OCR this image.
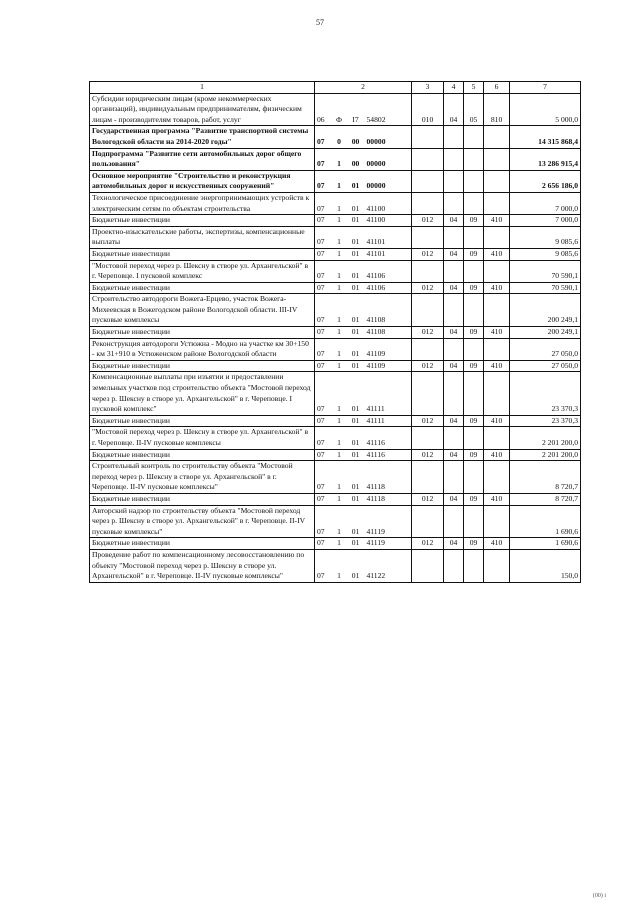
57
1	2				3	4	5	6	7
Субсидии юридическим лицам (кроме некоммерческих организаций), индивидуальным предпринимателям, физическим лицам - производителям товаров, работ, услуг	06	Ф	I7	54802	010	04	05	810	5 000,0
Государственная программа "Развитие транспортной системы Вологодской области на 2014-2020 годы"	07	0	00	00000					14 315 868,4
Подпрограмма "Развитие сети автомобильных дорог общего пользования"	07	1	00	00000					13 286 915,4
Основное мероприятие "Строительство и реконструкция автомобильных дорог и искусственных сооружений"	07	1	01	00000					2 656 186,0
Технологическое присоединение энергопринимающих устройств к электрическим сетям по объектам строительства	07	1	01	41100					7 000,0
Бюджетные инвестиции	07	1	01	41100	012	04	09	410	7 000,0
Проектно-изыскательские работы, экспертизы, компенсационные выплаты	07	1	01	41101					9 085,6
Бюджетные инвестиции	07	1	01	41101	012	04	09	410	9 085,6
"Мостовой переход через р. Шексну в створе ул. Архангельской" в г. Череповце. I пусковой комплекс	07	1	01	41106					70 590,1
Бюджетные инвестиции	07	1	01	41106	012	04	09	410	70 590,1
Строительство автодороги Вожега-Ерцево, участок Вожега-Михеевская в Вожегодском районе Вологодской области. III-IV пусковые комплексы	07	1	01	41108					200 249,1
Бюджетные инвестиции	07	1	01	41108	012	04	09	410	200 249,1
Реконструкция автодороги Устюжна - Модно на участке км 30+150 - км 31+910 в Устюженском районе Вологодской области	07	1	01	41109					27 050,0
Бюджетные инвестиции	07	1	01	41109	012	04	09	410	27 050,0
Компенсационные выплаты при изъятии и предоставлении земельных участков под строительство объекта "Мостовой переход через р. Шексну в створе ул. Архангельской" в г. Череповце. I пусковой комплекс"	07	1	01	41111					23 370,3
Бюджетные инвестиции	07	1	01	41111	012	04	09	410	23 370,3
"Мостовой переход через р. Шексну в створе ул. Архангельской" в г. Череповце. II-IV пусковые комплексы	07	1	01	41116					2 201 200,0
Бюджетные инвестиции	07	1	01	41116	012	04	09	410	2 201 200,0
Строительный контроль по строительству объекта "Мостовой переход через р. Шексну в створе ул. Архангельской" в г. Череповце. II-IV пусковые комплексы"	07	1	01	41118					8 720,7
Бюджетные инвестиции	07	1	01	41118	012	04	09	410	8 720,7
Авторский надзор по строительству объекта "Мостовой переход через р. Шексну в створе ул. Архангельской" в г. Череповце. II-IV пусковые комплексы"	07	1	01	41119					1 690,6
Бюджетные инвестиции	07	1	01	41119	012	04	09	410	1 690,6
Проведение работ по компенсационному лесовосстановлению по объекту "Мостовой переход через р. Шексну в створе ул. Архангельской" в г. Череповце. II-IV пусковые комплексы"	07	1	01	41122					150,0
(00) i
